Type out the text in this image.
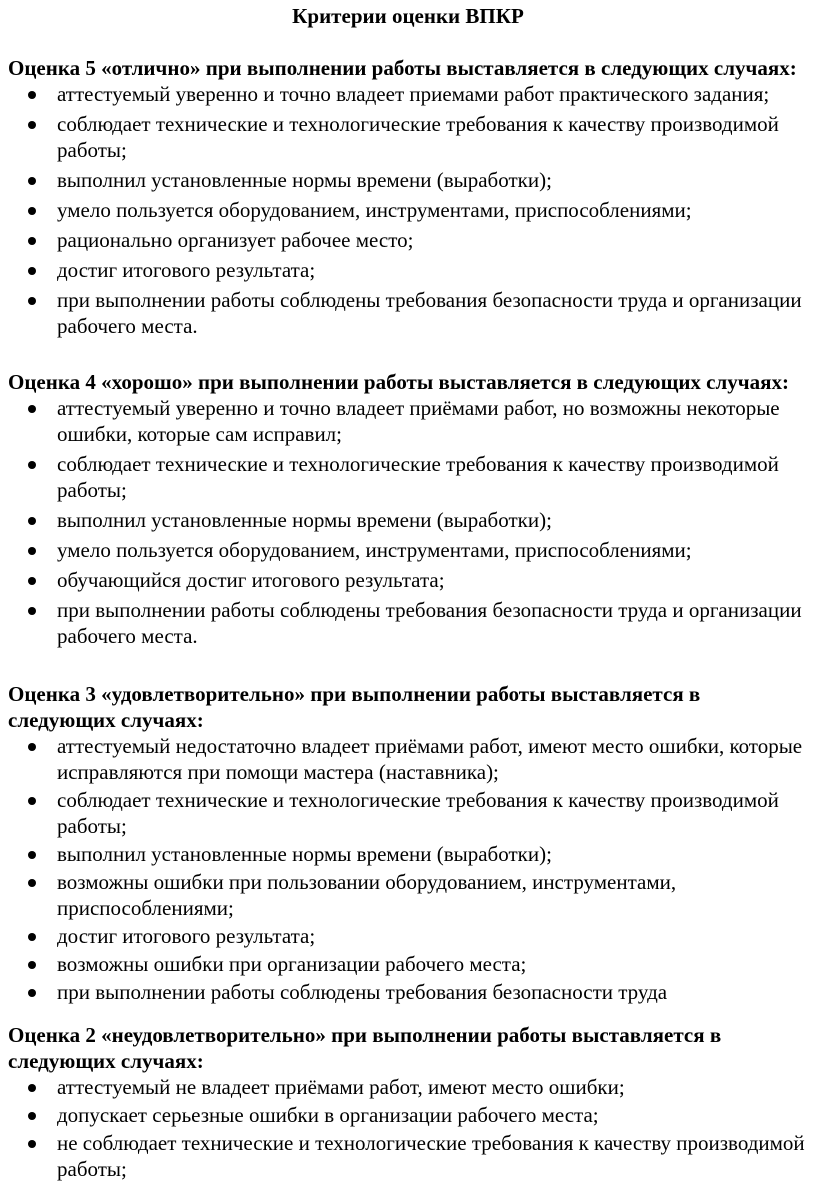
Критерии оценки ВПКР

Оценка 5 «отлично» при выполнении работы выставляется в следующих случаях:

аттестуемый уверенно и точно владеет приемами работ практического задания;
соблюдает технические и технологические требования к качеству производимой работы;
выполнил установленные нормы времени (выработки);
умело пользуется оборудованием, инструментами, приспособлениями;
рационально организует рабочее место;
достиг итогового результата;
при выполнении работы соблюдены требования безопасности труда и организации рабочего места.

Оценка 4 «хорошо» при выполнении работы выставляется в следующих случаях:

аттестуемый уверенно и точно владеет приёмами работ, но возможны некоторые ошибки, которые сам исправил;
соблюдает технические и технологические требования к качеству производимой работы;
выполнил установленные нормы времени (выработки);
умело пользуется оборудованием, инструментами, приспособлениями;
обучающийся достиг итогового результата;
при выполнении работы соблюдены требования безопасности труда и организации рабочего места.

Оценка 3 «удовлетворительно» при выполнении работы выставляется в следующих случаях:

аттестуемый недостаточно владеет приёмами работ, имеют место ошибки, которые исправляются при помощи мастера (наставника);
соблюдает технические и технологические требования к качеству производимой работы;
выполнил установленные нормы времени (выработки);
возможны ошибки при пользовании оборудованием, инструментами, приспособлениями;
достиг итогового результата;
возможны ошибки при организации рабочего места;
при выполнении работы соблюдены требования безопасности труда

Оценка 2 «неудовлетворительно» при выполнении работы выставляется в следующих случаях:

аттестуемый не владеет приёмами работ, имеют место ошибки;
допускает серьезные ошибки в организации рабочего места;
не соблюдает технические и технологические требования к качеству производимой работы;
